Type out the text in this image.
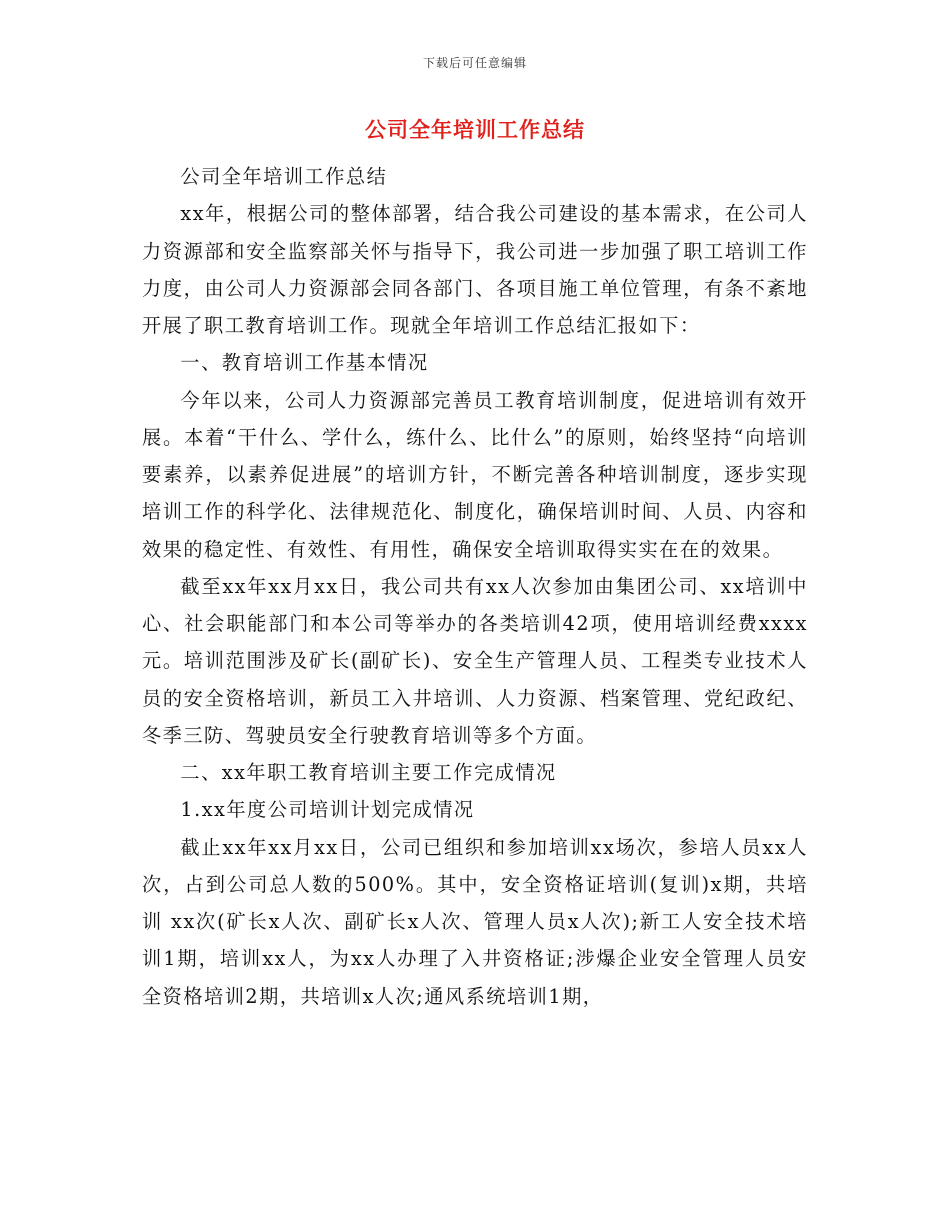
下载后可任意编辑
公司全年培训工作总结

公司全年培训工作总结

xx年，根据公司的整体部署，结合我公司建设的基本需求，在公司人力资源部和安全监察部关怀与指导下，我公司进一步加强了职工培训工作力度，由公司人力资源部会同各部门、各项目施工单位管理，有条不紊地开展了职工教育培训工作。现就全年培训工作总结汇报如下：

一、教育培训工作基本情况

今年以来，公司人力资源部完善员工教育培训制度，促进培训有效开展。本着“干什么、学什么，练什么、比什么”的原则，始终坚持“向培训要素养，以素养促进展”的培训方针，不断完善各种培训制度，逐步实现培训工作的科学化、法律规范化、制度化，确保培训时间、人员、内容和效果的稳定性、有效性、有用性，确保安全培训取得实实在在的效果。

截至xx年xx月xx日，我公司共有xx人次参加由集团公司、xx培训中心、社会职能部门和本公司等举办的各类培训42项，使用培训经费xxxx元。培训范围涉及矿长(副矿长)、安全生产管理人员、工程类专业技术人员的安全资格培训，新员工入井培训、人力资源、档案管理、党纪政纪、冬季三防、驾驶员安全行驶教育培训等多个方面。

二、xx年职工教育培训主要工作完成情况

1.xx年度公司培训计划完成情况

截止xx年xx月xx日，公司已组织和参加培训xx场次，参培人员xx人次，占到公司总人数的500%。其中，安全资格证培训(复训)x期，共培训 xx次(矿长x人次、副矿长x人次、管理人员x人次);新工人安全技术培训1期，培训xx人，为xx人办理了入井资格证;涉爆企业安全管理人员安全资格培训2期，共培训x人次;通风系统培训1期，
